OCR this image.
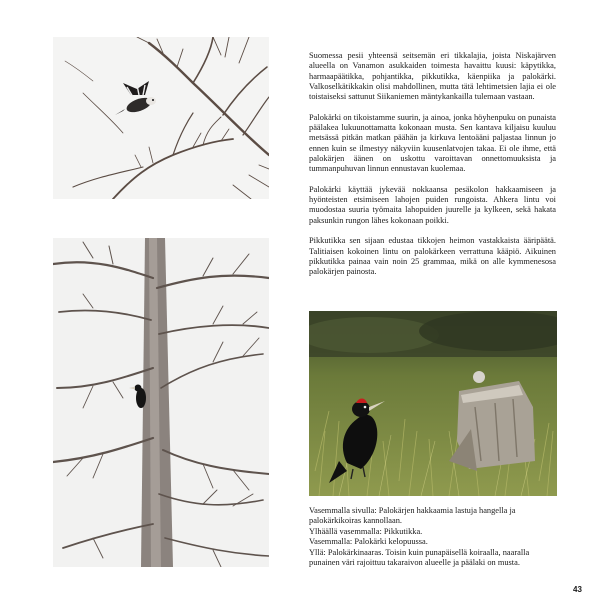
Suomessa pesii yhteensä seitsemän eri tikkalajia, joista Niskajärven alueella on Vanamon asukkaiden toimesta havaittu kuusi: käpytikka, harmaapäätikka, pohjantikka, pikkutikka, käenpiika ja palokärki. Valkoselkätikkakin olisi mahdollinen, mutta tätä lehtimetsien lajia ei ole toistaiseksi sattunut Siikaniemen mäntykankailla tulemaan vastaan.

Palokärki on tikoistamme suurin, ja ainoa, jonka höyhenpuku on punaista päälakea lukuunottamatta kokonaan musta. Sen kantava kiljaisu kuuluu metsässä pitkän matkan päähän ja kirkuva lentoääni paljastaa linnun jo ennen kuin se ilmestyy näkyviin kuusenlatvojen takaa. Ei ole ihme, että palokärjen äänen on uskottu varoittavan onnettomuuksista ja tummanpuhuvan linnun ennustavan kuolemaa.

Palokärki käyttää jykevää nokkaansa pesäkolon hakkaamiseen ja hyönteisten etsimiseen lahojen puiden rungoista. Ahkera lintu voi muodostaa suuria työmaita lahopuiden juurelle ja kylkeen, sekä hakata paksunkin rungon lähes kokonaan poikki.

Pikkutikka sen sijaan edustaa tikkojen heimon vastakkaista ääripäätä. Talitiaisen kokoinen lintu on palokärkeen verrattuna kääpiö. Aikuinen pikkutikka painaa vain noin 25 grammaa, mikä on alle kymmenesosa palokärjen painosta.

Vasemmalla sivulla: Palokärjen hakkaamia lastuja hangella ja
palokärkikoiras kannollaan.
Ylhäällä vasemmalla: Pikkutikka.
Vasemmalla: Palokärki kelopuussa.
Yllä: Palokärkinaaras. Toisin kuin punapäisellä koiraalla, naaralla
punainen väri rajoittuu takaraivon alueelle ja päälaki on musta.
43
